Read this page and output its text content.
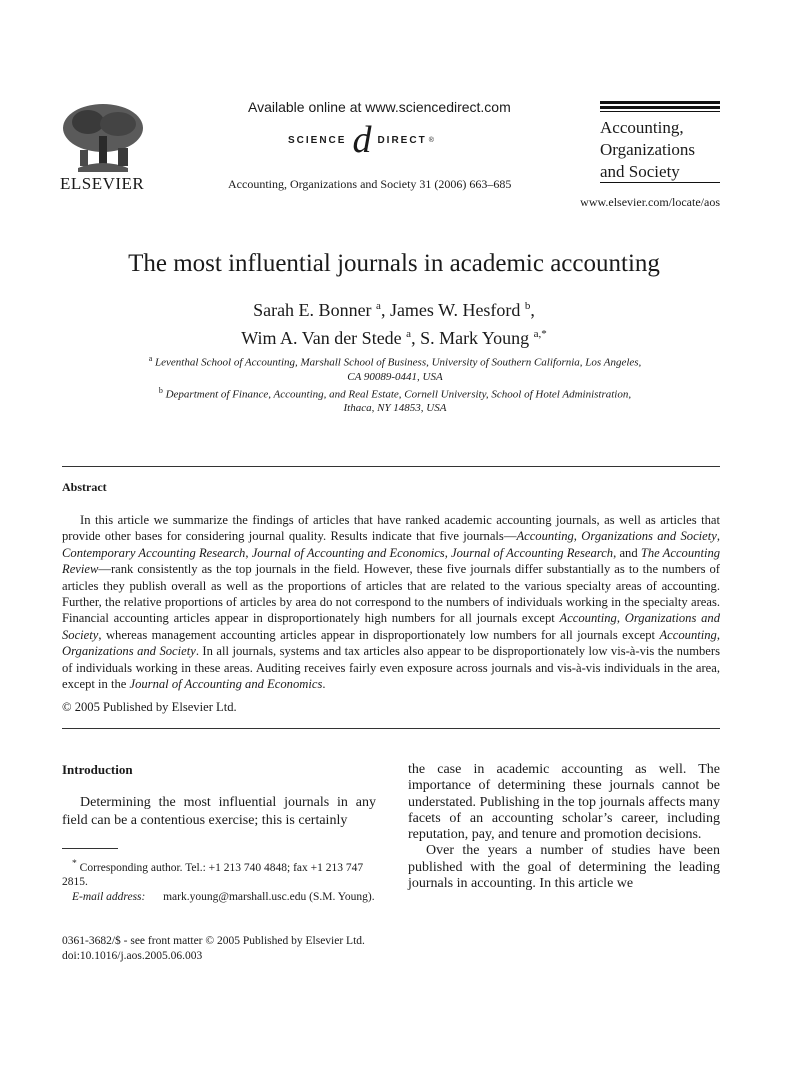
ELSEVIER
Available online at www.sciencedirect.com
SCIENCE d DIRECT ®
Accounting, Organizations and Society 31 (2006) 663–685
Accounting,
Organizations
and Society
www.elsevier.com/locate/aos
The most influential journals in academic accounting
Sarah E. Bonner $^a$, James W. Hesford $^b$,
Wim A. Van der Stede $^a$, S. Mark Young $^{a,*}$
$^a$ Leventhal School of Accounting, Marshall School of Business, University of Southern California, Los Angeles,
CA 90089-0441, USA
$^b$ Department of Finance, Accounting, and Real Estate, Cornell University, School of Hotel Administration,
Ithaca, NY 14853, USA
Abstract

In this article we summarize the findings of articles that have ranked academic accounting journals, as well as articles that provide other bases for considering journal quality. Results indicate that five journals—Accounting, Organizations and Society, Contemporary Accounting Research, Journal of Accounting and Economics, Journal of Accounting Research, and The Accounting Review—rank consistently as the top journals in the field. However, these five journals differ substantially as to the numbers of articles they publish overall as well as the proportions of articles that are related to the various specialty areas of accounting. Further, the relative proportions of articles by area do not correspond to the numbers of individuals working in the specialty areas. Financial accounting articles appear in disproportionately high numbers for all journals except Accounting, Organizations and Society, whereas management accounting articles appear in disproportionately low numbers for all journals except Accounting, Organizations and Society. In all journals, systems and tax articles also appear to be disproportionately low vis-à-vis the numbers of individuals working in these areas. Auditing receives fairly even exposure across journals and vis-à-vis individuals in the area, except in the Journal of Accounting and Economics.

© 2005 Published by Elsevier Ltd.
Introduction

Determining the most influential journals in any field can be a contentious exercise; this is certainly

the case in academic accounting as well. The importance of determining these journals cannot be understated. Publishing in the top journals affects many facets of an accounting scholar’s career, including reputation, pay, and tenure and promotion decisions.

Over the years a number of studies have been published with the goal of determining the leading journals in accounting. In this article we

* Corresponding author. Tel.: +1 213 740 4848; fax +1 213 747 2815.
E-mail address: mark.young@marshall.usc.edu (S.M. Young).
0361-3682/$ - see front matter © 2005 Published by Elsevier Ltd.
doi:10.1016/j.aos.2005.06.003
